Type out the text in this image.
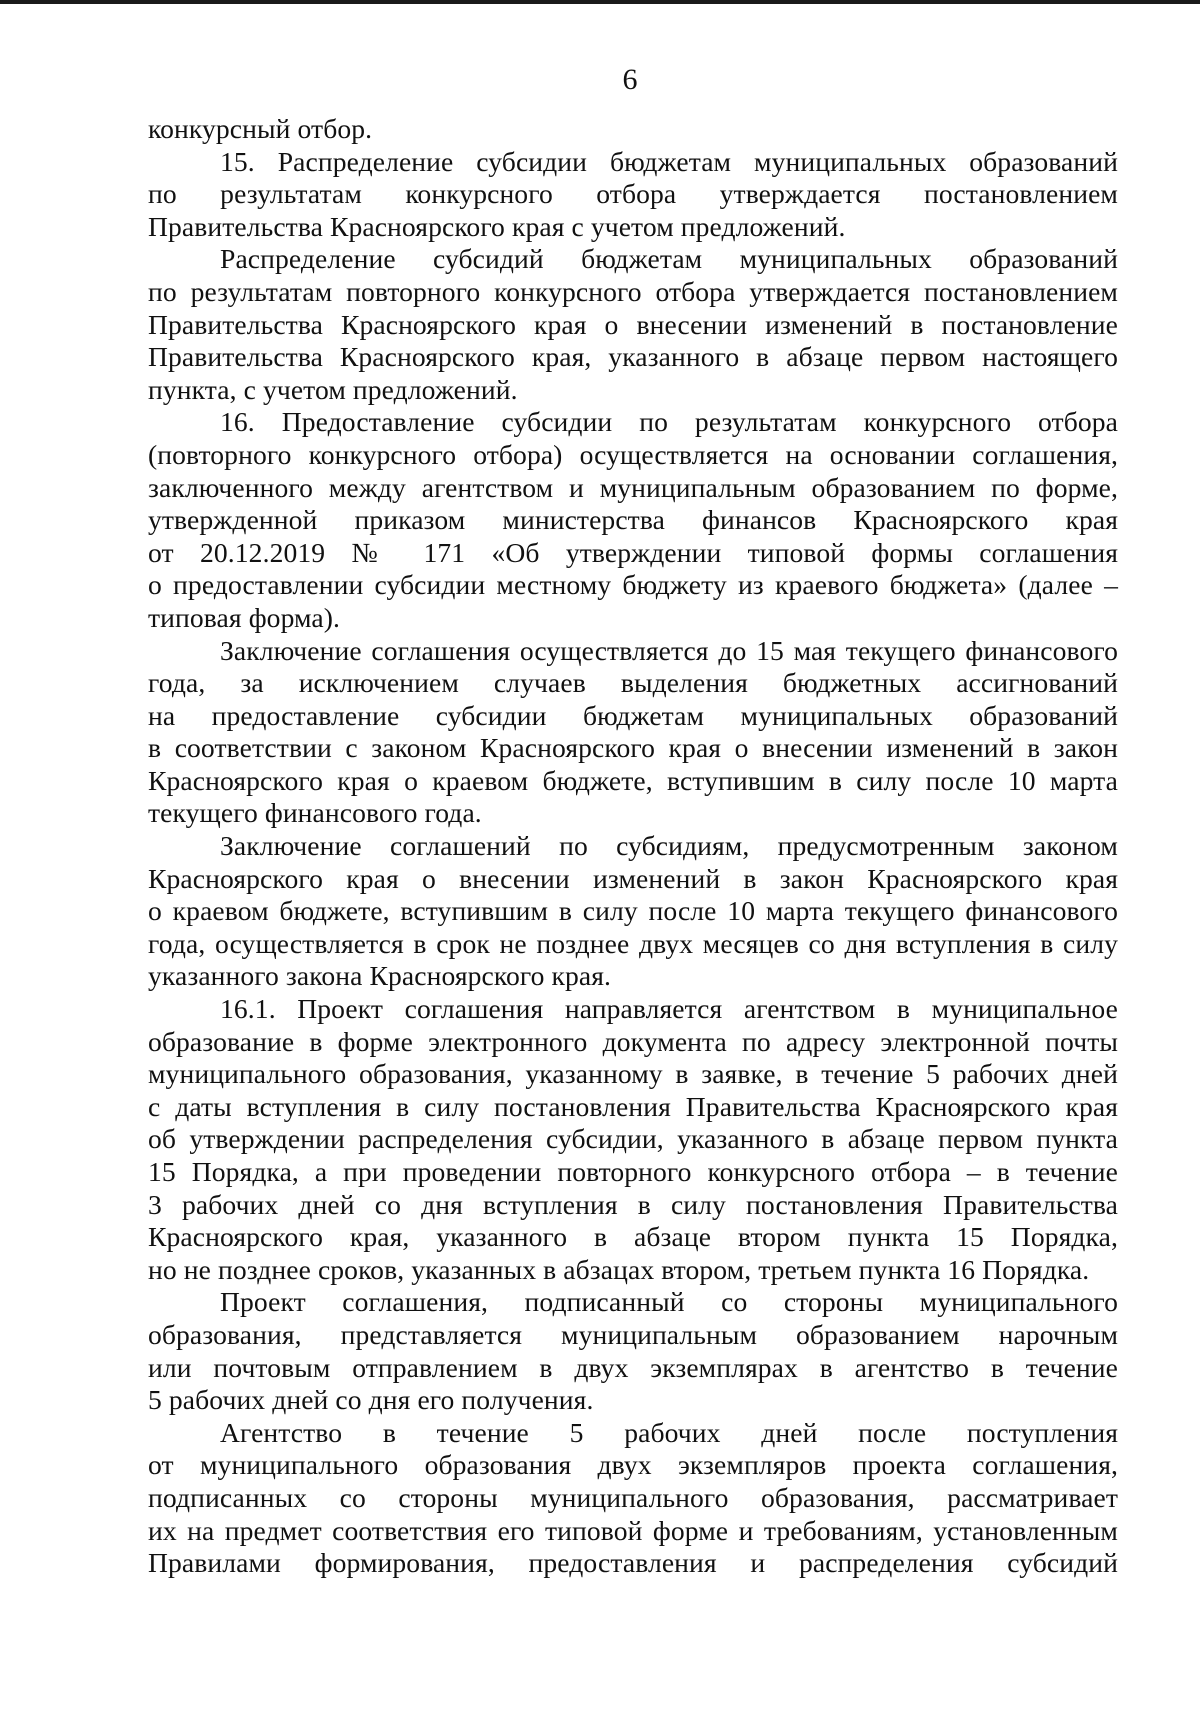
6
конкурсный отбор.
15. Распределение субсидии бюджетам муниципальных образований
по результатам конкурсного отбора утверждается постановлением
Правительства Красноярского края с учетом предложений.
Распределение субсидий бюджетам муниципальных образований
по результатам повторного конкурсного отбора утверждается постановлением
Правительства Красноярского края о внесении изменений в постановление
Правительства Красноярского края, указанного в абзаце первом настоящего
пункта, с учетом предложений.
16. Предоставление субсидии по результатам конкурсного отбора
(повторного конкурсного отбора) осуществляется на основании соглашения,
заключенного между агентством и муниципальным образованием по форме,
утвержденной приказом министерства финансов Красноярского края
от 20.12.2019 № 171 «Об утверждении типовой формы соглашения
о предоставлении субсидии местному бюджету из краевого бюджета» (далее –
типовая форма).
Заключение соглашения осуществляется до 15 мая текущего финансового
года, за исключением случаев выделения бюджетных ассигнований
на предоставление субсидии бюджетам муниципальных образований
в соответствии с законом Красноярского края о внесении изменений в закон
Красноярского края о краевом бюджете, вступившим в силу после 10 марта
текущего финансового года.
Заключение соглашений по субсидиям, предусмотренным законом
Красноярского края о внесении изменений в закон Красноярского края
о краевом бюджете, вступившим в силу после 10 марта текущего финансового
года, осуществляется в срок не позднее двух месяцев со дня вступления в силу
указанного закона Красноярского края.
16.1. Проект соглашения направляется агентством в муниципальное
образование в форме электронного документа по адресу электронной почты
муниципального образования, указанному в заявке, в течение 5 рабочих дней
с даты вступления в силу постановления Правительства Красноярского края
об утверждении распределения субсидии, указанного в абзаце первом пункта
15 Порядка, а при проведении повторного конкурсного отбора – в течение
3 рабочих дней со дня вступления в силу постановления Правительства
Красноярского края, указанного в абзаце втором пункта 15 Порядка,
но не позднее сроков, указанных в абзацах втором, третьем пункта 16 Порядка.
Проект соглашения, подписанный со стороны муниципального
образования, представляется муниципальным образованием нарочным
или почтовым отправлением в двух экземплярах в агентство в течение
5 рабочих дней со дня его получения.
Агентство в течение 5 рабочих дней после поступления
от муниципального образования двух экземпляров проекта соглашения,
подписанных со стороны муниципального образования, рассматривает
их на предмет соответствия его типовой форме и требованиям, установленным
Правилами формирования, предоставления и распределения субсидий
